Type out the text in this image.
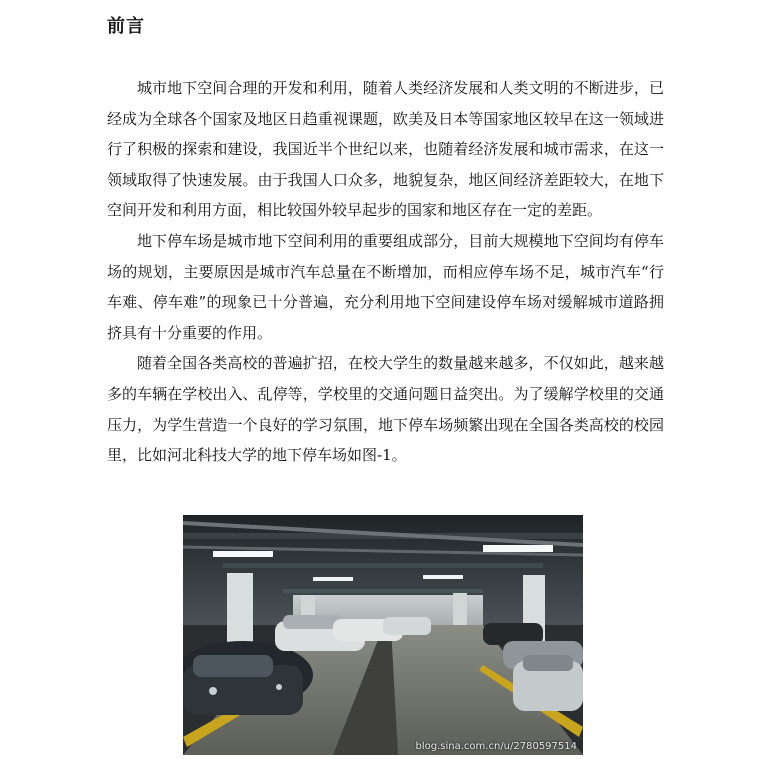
前言

城市地下空间合理的开发和利用，随着人类经济发展和人类文明的不断进步，已经成为全球各个国家及地区日趋重视课题，欧美及日本等国家地区较早在这一领域进行了积极的探索和建设，我国近半个世纪以来，也随着经济发展和城市需求，在这一领域取得了快速发展。由于我国人口众多，地貌复杂，地区间经济差距较大，在地下空间开发和利用方面，相比较国外较早起步的国家和地区存在一定的差距。

地下停车场是城市地下空间利用的重要组成部分，目前大规模地下空间均有停车场的规划，主要原因是城市汽车总量在不断增加，而相应停车场不足，城市汽车“行车难、停车难”的现象已十分普遍，充分利用地下空间建设停车场对缓解城市道路拥挤具有十分重要的作用。

随着全国各类高校的普遍扩招，在校大学生的数量越来越多，不仅如此，越来越多的车辆在学校出入、乱停等，学校里的交通问题日益突出。为了缓解学校里的交通压力，为学生营造一个良好的学习氛围，地下停车场频繁出现在全国各类高校的校园里，比如河北科技大学的地下停车场如图-1。

blog.sina.com.cn/u/2780597514
